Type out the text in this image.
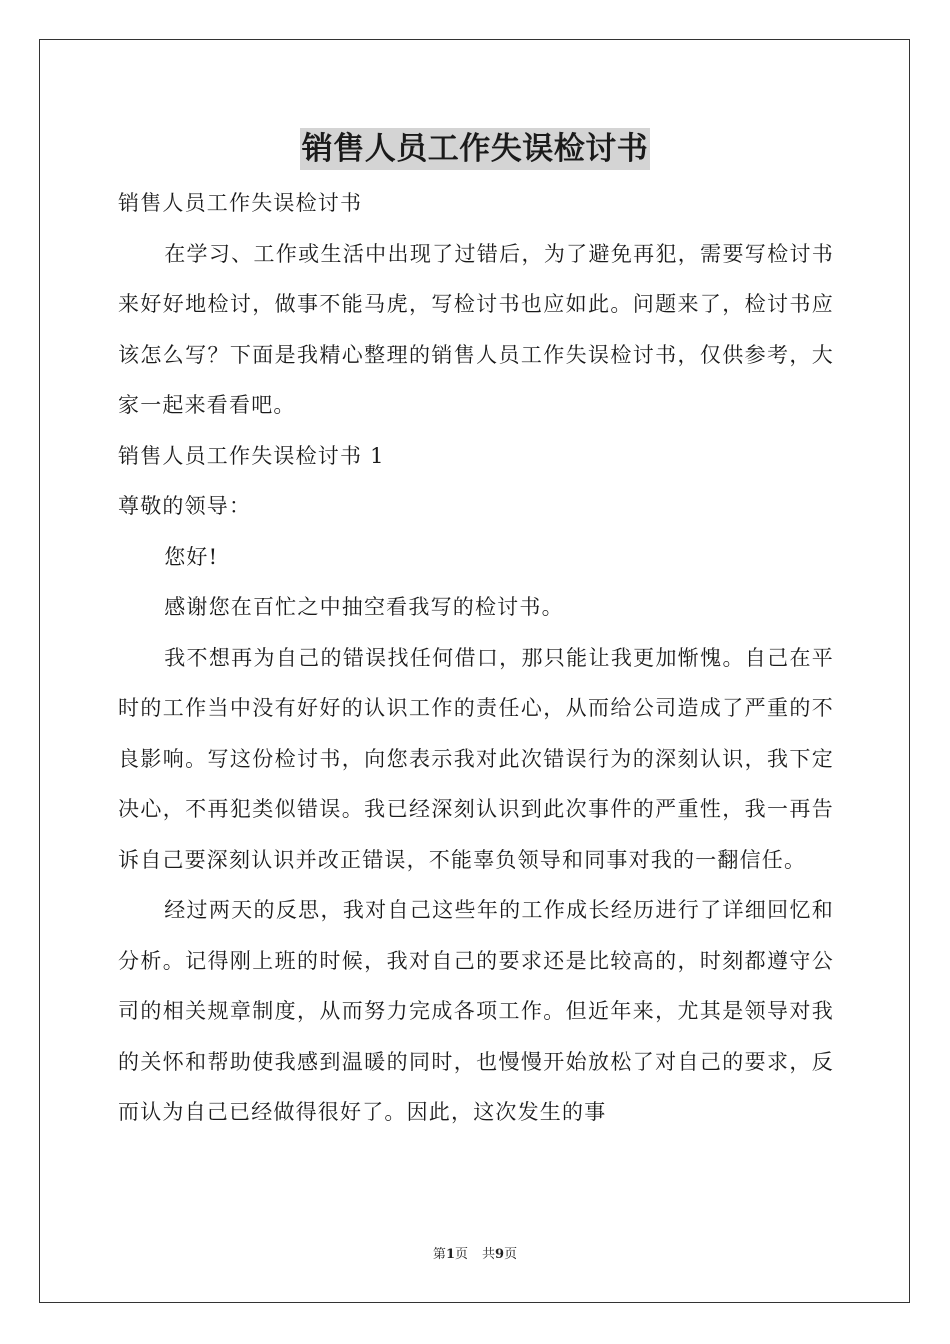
销售人员工作失误检讨书

销售人员工作失误检讨书

在学习、工作或生活中出现了过错后，为了避免再犯，需要写检讨书来好好地检讨，做事不能马虎，写检讨书也应如此。问题来了，检讨书应该怎么写？下面是我精心整理的销售人员工作失误检讨书，仅供参考，大家一起来看看吧。

销售人员工作失误检讨书 1

尊敬的领导：

您好!

感谢您在百忙之中抽空看我写的检讨书。

我不想再为自己的错误找任何借口，那只能让我更加惭愧。自己在平时的工作当中没有好好的认识工作的责任心，从而给公司造成了严重的不良影响。写这份检讨书，向您表示我对此次错误行为的深刻认识，我下定决心，不再犯类似错误。我已经深刻认识到此次事件的严重性，我一再告诉自己要深刻认识并改正错误，不能辜负领导和同事对我的一翻信任。

经过两天的反思，我对自己这些年的工作成长经历进行了详细回忆和分析。记得刚上班的时候，我对自己的要求还是比较高的，时刻都遵守公司的相关规章制度，从而努力完成各项工作。但近年来，尤其是领导对我的关怀和帮助使我感到温暖的同时，也慢慢开始放松了对自己的要求，反而认为自己已经做得很好了。因此，这次发生的事

第1页 共9页
